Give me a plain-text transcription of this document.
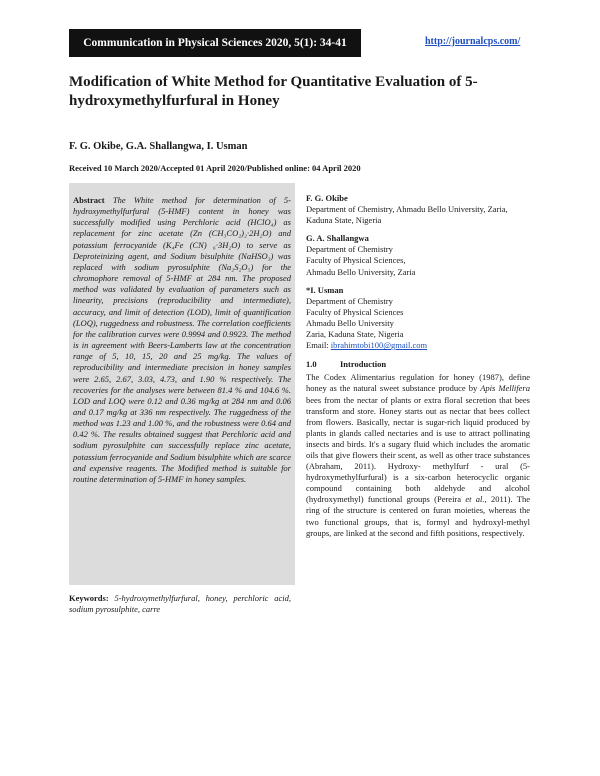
Communication in Physical Sciences 2020, 5(1): 34-41	http://journalcps.com/
Modification of White Method for Quantitative Evaluation of 5-hydroxymethylfurfural in Honey
F. G. Okibe, G.A. Shallangwa, I. Usman
Received 10 March 2020/Accepted 01 April 2020/Published online: 04 April 2020

Abstract The White method for determination of 5-hydroxymethylfurfural (5-HMF) content in honey was successfully modified using Perchloric acid (HClO₄) as replacement for zinc acetate (Zn (CH₃CO₂)₂·2H₂O) and potassium ferrocyanide (K₄Fe (CN) ₆·3H₂O) to serve as Deproteinizing agent, and Sodium bisulphite (NaHSO₃) was replaced with sodium pyrosulphite (Na₂S₂O₅) for the chromophore removal of 5-HMF at 284 nm. The proposed method was validated by evaluation of parameters such as linearity, precisions (reproducibility and intermediate), accuracy, and limit of detection (LOD), limit of quantification (LOQ), ruggedness and robustness. The correlation coefficients for the calibration curves were 0.9994 and 0.9923. The method is in agreement with Beers-Lamberts law at the concentration range of 5, 10, 15, 20 and 25 mg/kg. The values of reproducibility and intermediate precision in honey samples were 2.65, 2.67, 3.03, 4.73, and 1.90 % respectively. The recoveries for the analyses were between 81.4 % and 104.6 %. LOD and LOQ were 0.12 and 0.36 mg/kg at 284 nm and 0.06 and 0.17 mg/kg at 336 nm respectively. The ruggedness of the method was 1.23 and 1.00 %, and the robustness were 0.64 and 0.42 %. The results obtained suggest that Perchloric acid and sodium pyrosulphite can successfully replace zinc acetate, potassium ferrocyanide and Sodium bisulphite which are scarce and expensive reagents. The Modified method is suitable for routine determination of 5-HMF in honey samples.

Keywords: 5-hydroxymethylfurfural, honey, perchloric acid, sodium pyrosulphite, carre

F. G. Okibe

Department of Chemistry, Ahmadu Bello University, Zaria,

Kaduna State, Nigeria

G. A. Shallangwa

Department of Chemistry

Faculty of Physical Sciences,

Ahmadu Bello University, Zaria

*I. Usman

Department of Chemistry

Faculty of Physical Sciences

Ahmadu Bello University

Zaria, Kaduna State, Nigeria

Email: ibrahimtobi100@gmail.com

1.0	Introduction

The Codex Alimentarius regulation for honey (1987), define honey as the natural sweet substance produce by Apis Mellifera bees from the nectar of plants or extra floral secretion that bees transform and store. Honey starts out as nectar that bees collect from flowers. Basically, nectar is sugar-rich liquid produced by plants in glands called nectaries and is use to attract pollinating insects and birds. It's a sugary fluid which includes the aromatic oils that give flowers their scent, as well as other trace substances (Abraham, 2011). Hydroxy- methylfurf - ural (5-hydroxymethylfurfural) is a six-carbon heterocyclic organic compound containing both aldehyde and alcohol (hydroxymethyl) functional groups (Pereira et al., 2011). The ring of the structure is centered on furan moieties, whereas the two functional groups, that is, formyl and hydroxyl-methyl groups, are linked at the second and fifth positions, respectively.
